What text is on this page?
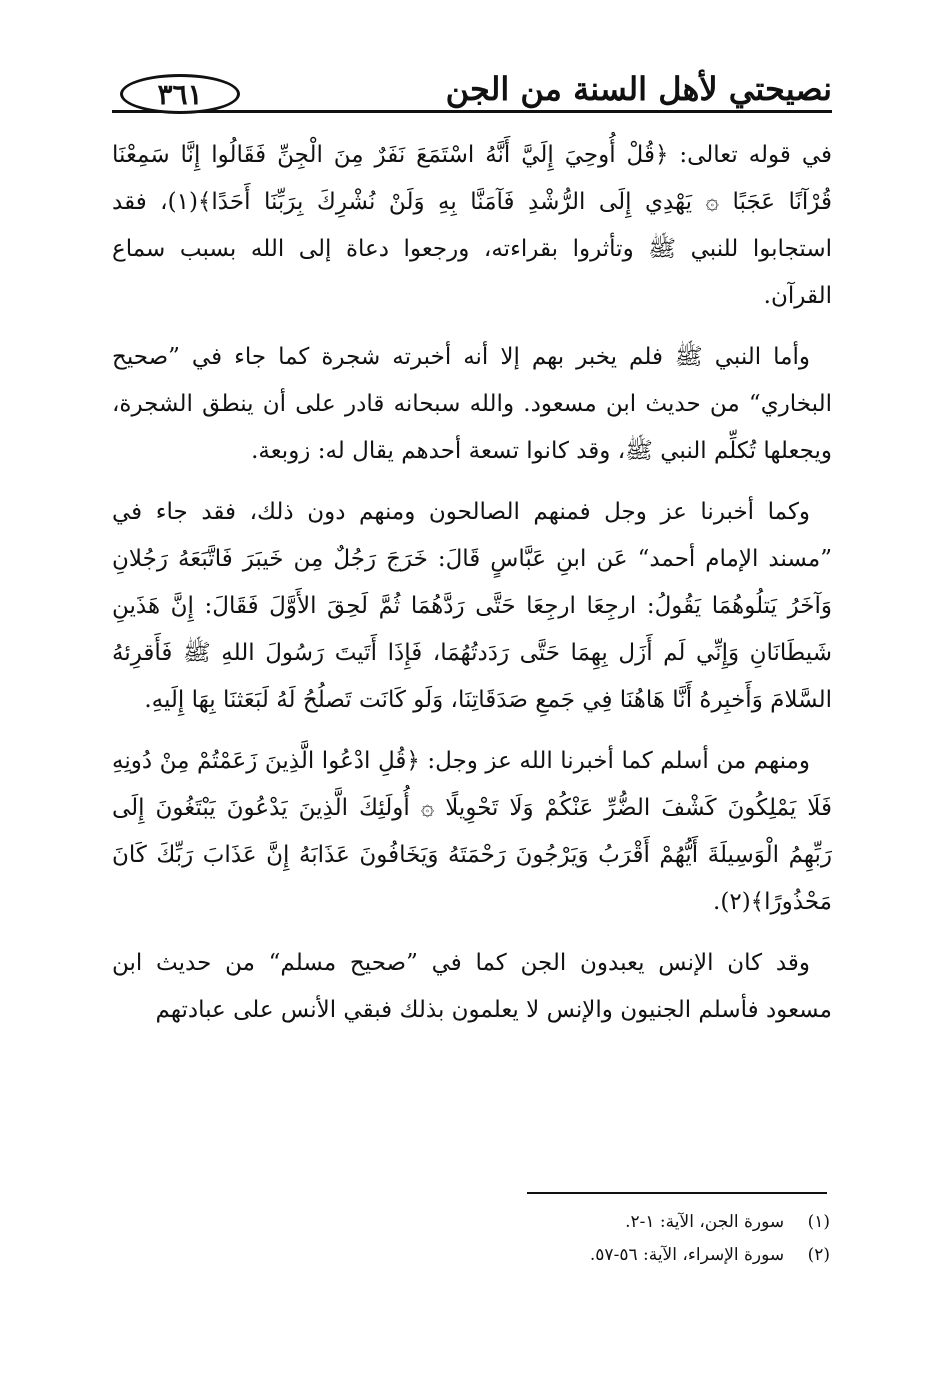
٣٦١	نصيحتي لأهل السنة من الجن

في قوله تعالى: ﴿قُلْ أُوحِيَ إِلَيَّ أَنَّهُ اسْتَمَعَ نَفَرٌ مِنَ الْجِنِّ فَقَالُوا إِنَّا سَمِعْنَا قُرْآنًا عَجَبًا ۞ يَهْدِي إِلَى الرُّشْدِ فَآمَنَّا بِهِ وَلَنْ نُشْرِكَ بِرَبِّنَا أَحَدًا﴾(١)، فقد استجابوا للنبي ﷺ وتأثروا بقراءته، ورجعوا دعاة إلى الله بسبب سماع القرآن.

وأما النبي ﷺ فلم يخبر بهم إلا أنه أخبرته شجرة كما جاء في ”صحيح البخاري“ من حديث ابن مسعود. والله سبحانه قادر على أن ينطق الشجرة، ويجعلها تُكلِّم النبي ﷺ، وقد كانوا تسعة أحدهم يقال له: زوبعة.

وكما أخبرنا عز وجل فمنهم الصالحون ومنهم دون ذلك، فقد جاء في ”مسند الإمام أحمد“ عَن ابنِ عَبَّاسٍ قَالَ: خَرَجَ رَجُلٌ مِن خَيبَرَ فَاتَّبَعَهُ رَجُلانِ وَآخَرُ يَتلُوهُمَا يَقُولُ: ارجِعَا ارجِعَا حَتَّى رَدَّهُمَا ثُمَّ لَحِقَ الأَوَّلَ فَقَالَ: إِنَّ هَذَينِ شَيطَانَانِ وَإِنِّي لَم أَزَل بِهِمَا حَتَّى رَدَدتُهُمَا، فَإِذَا أَتَيتَ رَسُولَ اللهِ ﷺ فَأَقرِئهُ السَّلامَ وَأَخبِرهُ أَنَّا هَاهُنَا فِي جَمعِ صَدَقَاتِنَا، وَلَو كَانَت تَصلُحُ لَهُ لَبَعَثنَا بِهَا إِلَيهِ.

ومنهم من أسلم كما أخبرنا الله عز وجل: ﴿قُلِ ادْعُوا الَّذِينَ زَعَمْتُمْ مِنْ دُونِهِ فَلَا يَمْلِكُونَ كَشْفَ الضُّرِّ عَنْكُمْ وَلَا تَحْوِيلًا ۞ أُولَئِكَ الَّذِينَ يَدْعُونَ يَبْتَغُونَ إِلَى رَبِّهِمُ الْوَسِيلَةَ أَيُّهُمْ أَقْرَبُ وَيَرْجُونَ رَحْمَتَهُ وَيَخَافُونَ عَذَابَهُ إِنَّ عَذَابَ رَبِّكَ كَانَ مَحْذُورًا﴾(٢).

وقد كان الإنس يعبدون الجن كما في ”صحيح مسلم“ من حديث ابن مسعود فأسلم الجنيون والإنس لا يعلمون بذلك فبقي الأنس على عبادتهم

(١) سورة الجن، الآية: ١-٢.
(٢) سورة الإسراء، الآية: ٥٦-٥٧.
